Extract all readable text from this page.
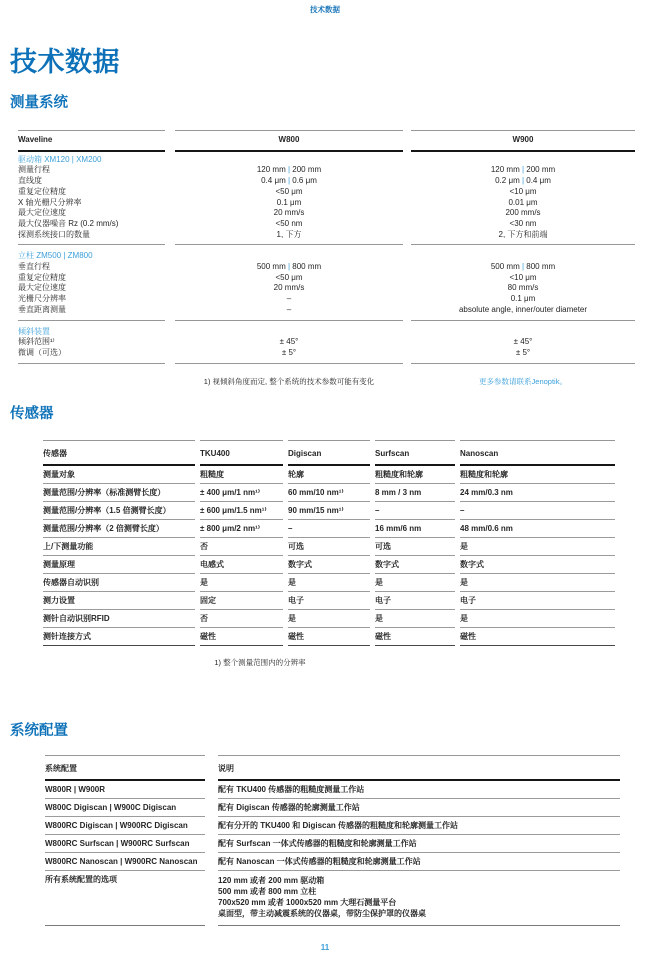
技术数据
技术数据
测量系统
Waveline	W800	W900
驱动箱 XM120 | XM200
测量行程	120 mm | 200 mm	120 mm | 200 mm
直线度	0.4 μm | 0.6 μm	0.2 μm | 0.4 μm
重复定位精度	<50 μm	<10 μm
X 轴光栅尺分辨率	0.1 μm	0.01 μm
最大定位速度	20 mm/s	200 mm/s
最大仪器噪音 Rz (0.2 mm/s)	<50 nm	<30 nm
探测系统接口的数量	1, 下方	2, 下方和前端
立柱 ZM500 | ZM800
垂直行程	500 mm | 800 mm	500 mm | 800 mm
重复定位精度	<50 μm	<10 μm
最大定位速度	20 mm/s	80 mm/s
光栅尺分辨率	–	0.1 μm
垂直距离测量	–	absolute angle, inner/outer diameter
倾斜装置
倾斜范围¹⁾	± 45°	± 45°
微调（可选）	± 5°	± 5°
1) 视倾斜角度而定, 整个系统的技术参数可能有变化	更多参数请联系Jenoptik。
传感器
传感器	TKU400	Digiscan	Surfscan	Nanoscan
测量对象	粗糙度	轮廓	粗糙度和轮廓	粗糙度和轮廓
测量范围/分辨率（标准测臂长度）	± 400 μm/1 nm¹⁾	60 mm/10 nm¹⁾	8 mm / 3 nm	24 mm/0.3 nm
测量范围/分辨率（1.5 倍测臂长度）	± 600 μm/1.5 nm¹⁾	90 mm/15 nm¹⁾	–	–
测量范围/分辨率（2 倍测臂长度）	± 800 μm/2 nm¹⁾	–	16 mm/6 nm	48 mm/0.6 nm
上/下测量功能	否	可选	可选	是
测量原理	电感式	数字式	数字式	数字式
传感器自动识别	是	是	是	是
测力设置	固定	电子	电子	电子
测针自动识别RFID	否	是	是	是
测针连接方式	磁性	磁性	磁性	磁性
1) 整个测量范围内的分辨率
系统配置
系统配置	说明
W800R | W900R	配有 TKU400 传感器的粗糙度测量工作站
W800C Digiscan | W900C Digiscan	配有 Digiscan 传感器的轮廓测量工作站
W800RC Digiscan | W900RC Digiscan	配有分开的 TKU400 和 Digiscan 传感器的粗糙度和轮廓测量工作站
W800RC Surfscan | W900RC Surfscan	配有 Surfscan 一体式传感器的粗糙度和轮廓测量工作站
W800RC Nanoscan | W900RC Nanoscan	配有 Nanoscan 一体式传感器的粗糙度和轮廓测量工作站
所有系统配置的选项	120 mm 或者 200 mm 驱动箱
500 mm 或者 800 mm 立柱
700x520 mm 或者 1000x520 mm 大理石测量平台
桌面型，带主动减震系统的仪器桌，带防尘保护罩的仪器桌
11
